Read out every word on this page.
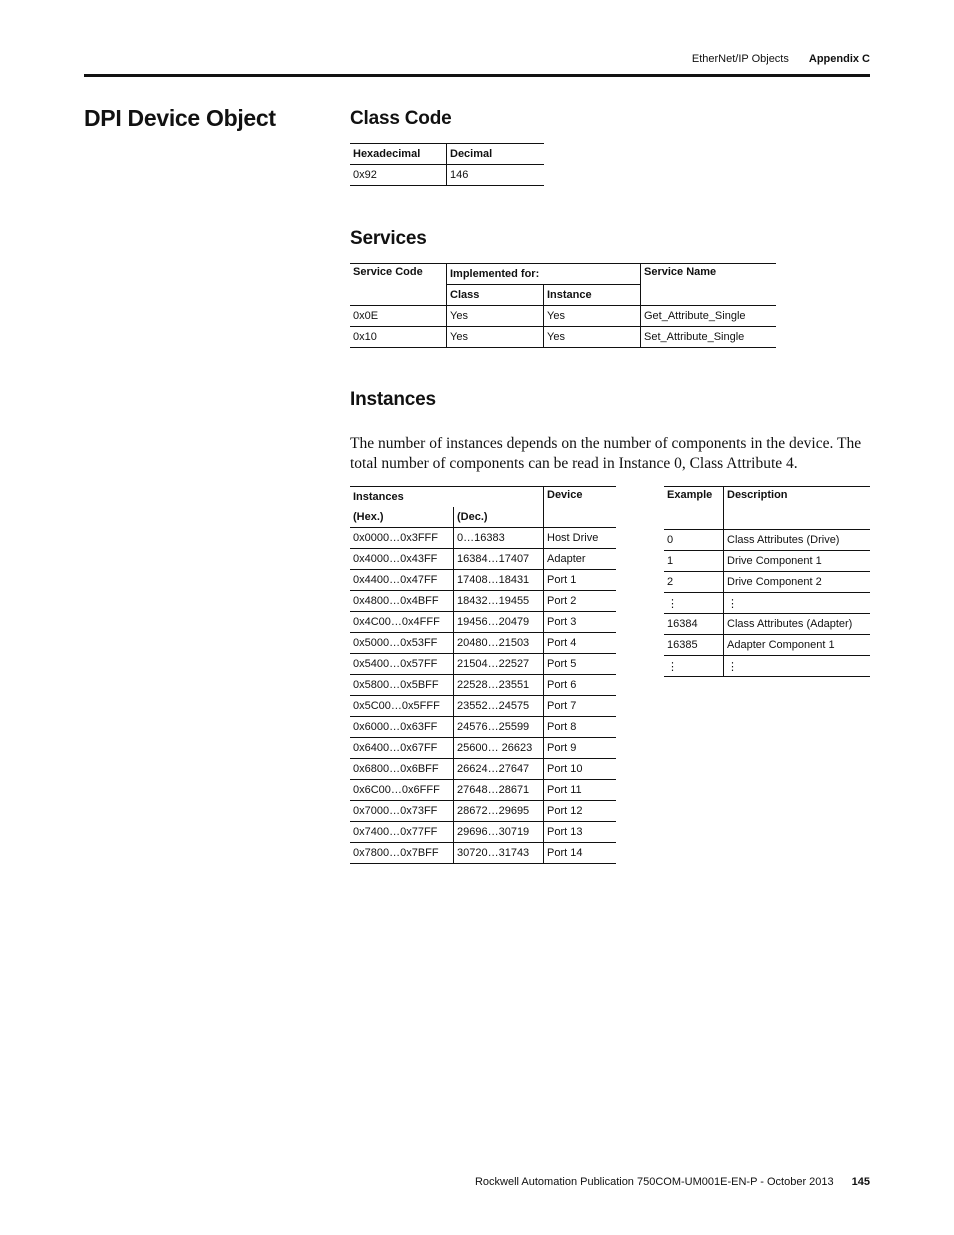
EtherNet/IP Objects Appendix C
DPI Device Object	Class Code
Hexadecimal	Decimal
0x92	146
Services
Service Code	Implemented for:		Service Name
	Class	Instance	
0x0E	Yes	Yes	Get_Attribute_Single
0x10	Yes	Yes	Set_Attribute_Single
Instances
The number of instances depends on the number of components in the device. The total number of components can be read in Instance 0, Class Attribute 4.
Instances		Device
(Hex.)	(Dec.)	
0x0000…0x3FFF	0…16383	Host Drive
0x4000…0x43FF	16384…17407	Adapter
0x4400…0x47FF	17408…18431	Port 1
0x4800…0x4BFF	18432…19455	Port 2
0x4C00…0x4FFF	19456…20479	Port 3
0x5000…0x53FF	20480…21503	Port 4
0x5400…0x57FF	21504…22527	Port 5
0x5800…0x5BFF	22528…23551	Port 6
0x5C00…0x5FFF	23552…24575	Port 7
0x6000…0x63FF	24576…25599	Port 8
0x6400…0x67FF	25600… 26623	Port 9
0x6800…0x6BFF	26624…27647	Port 10
0x6C00…0x6FFF	27648…28671	Port 11
0x7000…0x73FF	28672…29695	Port 12
0x7400…0x77FF	29696…30719	Port 13
0x7800…0x7BFF	30720…31743	Port 14
Example	Description
0	Class Attributes (Drive)
1	Drive Component 1
2	Drive Component 2
⋮	⋮
16384	Class Attributes (Adapter)
16385	Adapter Component 1
⋮	⋮
Rockwell Automation Publication 750COM-UM001E-EN-P - October 2013 145
